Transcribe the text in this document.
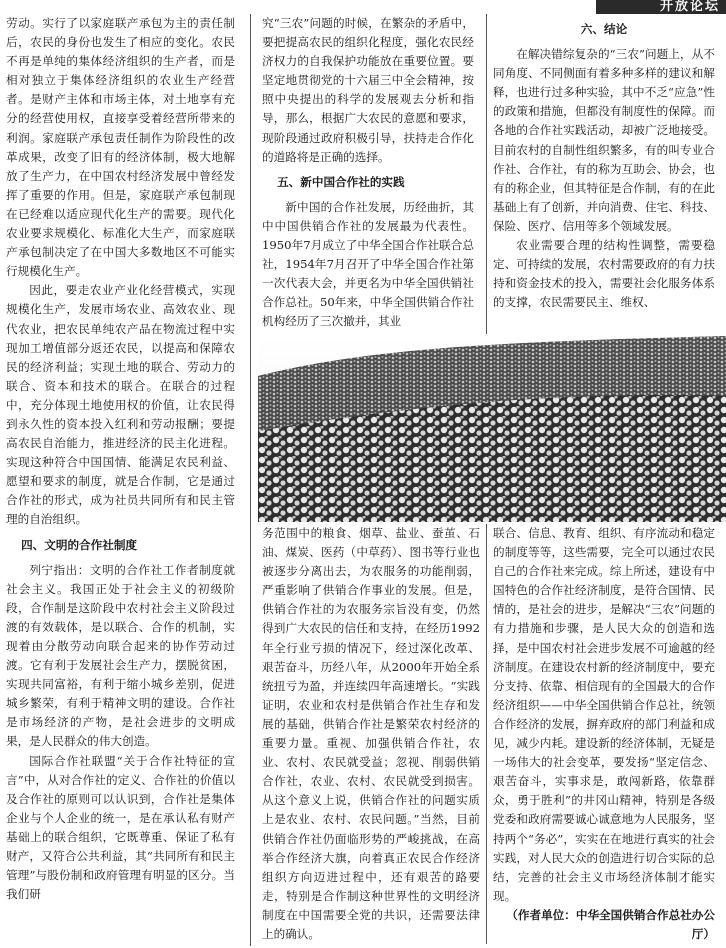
开放论坛

劳动。实行了以家庭联产承包为主的责任制后，农民的身份也发生了相应的变化。农民不再是单纯的集体经济组织的生产者，而是相对独立于集体经济组织的农业生产经营者。是财产主体和市场主体，对土地享有充分的经营使用权，直接享受着经营所带来的利润。家庭联产承包责任制作为阶段性的改革成果，改变了旧有的经济体制，极大地解放了生产力，在中国农村经济发展中曾经发挥了重要的作用。但是，家庭联产承包制现在已经难以适应现代化生产的需要。现代化农业要求规模化、标准化大生产，而家庭联产承包制决定了在中国大多数地区不可能实行规模化生产。

因此，要走农业产业化经营模式，实现规模化生产，发展市场农业、高效农业、现代农业，把农民单纯农产品在物流过程中实现加工增值部分返还农民，以提高和保障农民的经济利益；实现土地的联合、劳动力的联合、资本和技术的联合。在联合的过程中，充分体现土地使用权的价值，让农民得到永久性的资本投入红利和劳动报酬；要提高农民自治能力，推进经济的民主化进程。实现这种符合中国国情、能满足农民利益、愿望和要求的制度，就是合作制，它是通过合作社的形式，成为社员共同所有和民主管理的自治组织。

四、文明的合作社制度

列宁指出：文明的合作社工作者制度就社会主义。我国正处于社会主义的初级阶段，合作制是这阶段中农村社会主义阶段过渡的有效载体，是以联合、合作的机制，实现着由分散劳动向联合起来的协作劳动过渡。它有利于发展社会生产力，摆脱贫困，实现共同富裕，有利于缩小城乡差别，促进城乡繁荣，有利于精神文明的建设。合作社是市场经济的产物，是社会进步的文明成果，是人民群众的伟大创造。

国际合作社联盟“关于合作社特征的宣言”中，从对合作社的定义、合作社的价值以及合作社的原则可以认识到，合作社是集体企业与个人企业的统一，是在承认私有财产基础上的联合组织，它既尊重、保证了私有财产，又符合公共利益，其“共同所有和民主管理”与股份制和政府管理有明显的区分。当我们研

究“三农”问题的时候，在繁杂的矛盾中，要把提高农民的组织化程度，强化农民经济权力的自我保护功能放在重要位置。要坚定地贯彻党的十六届三中全会精神，按照中央提出的科学的发展观去分析和指导，那么，根据广大农民的意愿和要求，现阶段通过政府积极引导，扶持走合作化的道路将是正确的选择。

五、新中国合作社的实践

新中国的合作社发展，历经曲折，其中中国供销合作社的发展最为代表性。1950年7月成立了中华全国合作社联合总社，1954年7月召开了中华全国合作社第一次代表大会，并更名为中华全国供销社合作总社。50年来，中华全国供销合作社机构经历了三次撤并，其业

六、结论

在解决错综复杂的“三农”问题上，从不同角度、不同侧面有着多种多样的建议和解释，也进行过多种实验，其中不乏“应急”性的政策和措施，但都没有制度性的保障。而各地的合作社实践活动，却被广泛地接受。目前农村的自制性组织繁多，有的叫专业合作社、合作社，有的称为互助会、协会，也有的称企业，但其特征是合作制，有的在此基础上有了创新，并向消费、住宅、科技、保险、医疗、信用等多个领域发展。

农业需要合理的结构性调整，需要稳定、可持续的发展，农村需要政府的有力扶持和资金技术的投入，需要社会化服务体系的支撑，农民需要民主、维权、

务范围中的粮食、烟草、盐业、蚕茧、石油、煤炭、医药（中草药）、图书等行业也被逐步分离出去，为农服务的功能削弱，严重影响了供销合作事业的发展。但是，供销合作社的为农服务宗旨没有变，仍然得到广大农民的信任和支持，在经历1992年全行业亏损的情况下，经过深化改革、艰苦奋斗，历经八年，从2000年开始全系统扭亏为盈，并连续四年高速增长。“实践证明，农业和农村是供销合作社生存和发展的基础，供销合作社是繁荣农村经济的重要力量。重视、加强供销合作社，农业、农村、农民就受益；忽视、削弱供销合作社，农业、农村、农民就受到损害。从这个意义上说，供销合作社的问题实质上是农业、农村、农民问题。”当然，目前供销合作社仍面临形势的严峻挑战，在高举合作经济大旗，向着真正农民合作经济组织方向迈进过程中，还有艰苦的路要走，特别是合作制这种世界性的文明经济制度在中国需要全党的共识，还需要法律上的确认。

联合、信息、教育、组织、有序流动和稳定的制度等等，这些需要，完全可以通过农民自己的合作社来完成。综上所述，建设有中国特色的合作社经济制度，是符合国情、民情的，是社会的进步，是解决“三农”问题的有力措施和步骤，是人民大众的创造和选择，是中国农村社会进步发展不可逾越的经济制度。在建设农村新的经济制度中，要充分支持、依靠、相信现有的全国最大的合作经济组织——中华全国供销合作总社，统领合作经济的发展，摒弃政府的部门利益和成见，减少内耗。建设新的经济体制，无疑是一场伟大的社会变革，要发扬“坚定信念、艰苦奋斗，实事求是，敢闯新路，依靠群众，勇于胜利”的井冈山精神，特别是各级党委和政府需要诚心诚意地为人民服务，坚持两个“务必”，实实在在地进行真实的社会实践，对人民大众的创造进行切合实际的总结，完善的社会主义市场经济体制才能实现。

（作者单位：中华全国供销合作总社办公厅）
